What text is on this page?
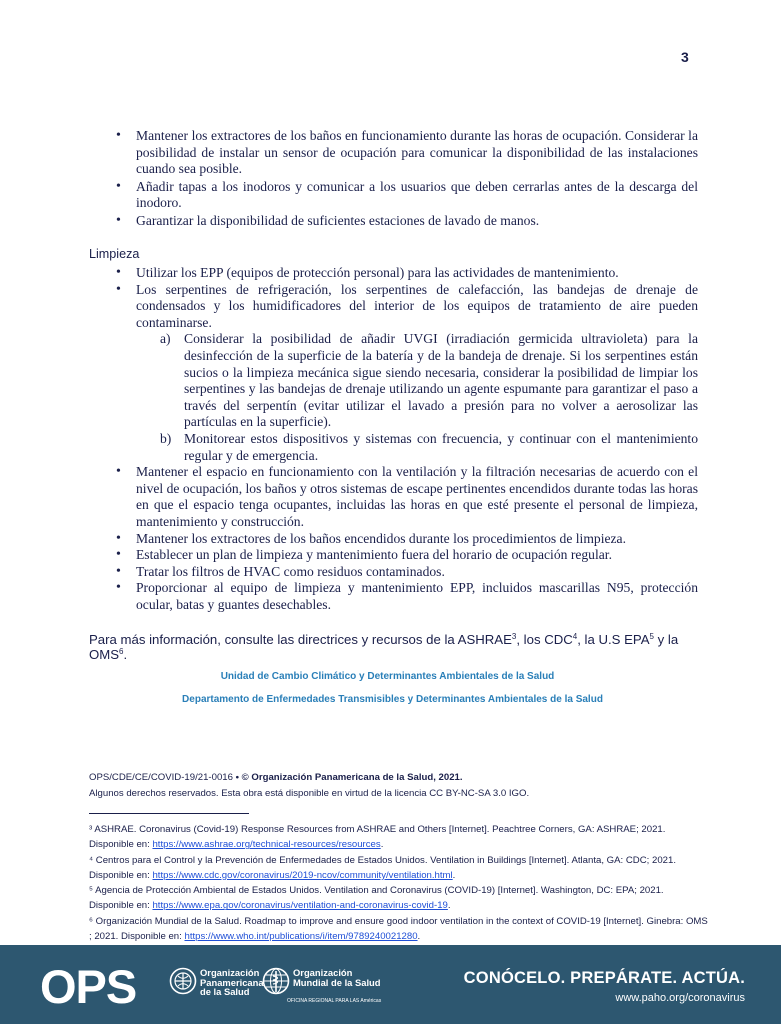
3
• Mantener los extractores de los baños en funcionamiento durante las horas de ocupación. Considerar la posibilidad de instalar un sensor de ocupación para comunicar la disponibilidad de las instalaciones cuando sea posible.
• Añadir tapas a los inodoros y comunicar a los usuarios que deben cerrarlas antes de la descarga del inodoro.
• Garantizar la disponibilidad de suficientes estaciones de lavado de manos.
Limpieza
• Utilizar los EPP (equipos de protección personal) para las actividades de mantenimiento.
• Los serpentines de refrigeración, los serpentines de calefacción, las bandejas de drenaje de condensados y los humidificadores del interior de los equipos de tratamiento de aire pueden contaminarse.
a) Considerar la posibilidad de añadir UVGI (irradiación germicida ultravioleta) para la desinfección de la superficie de la batería y de la bandeja de drenaje. Si los serpentines están sucios o la limpieza mecánica sigue siendo necesaria, considerar la posibilidad de limpiar los serpentines y las bandejas de drenaje utilizando un agente espumante para garantizar el paso a través del serpentín (evitar utilizar el lavado a presión para no volver a aerosolizar las partículas en la superficie).
b) Monitorear estos dispositivos y sistemas con frecuencia, y continuar con el mantenimiento regular y de emergencia.
• Mantener el espacio en funcionamiento con la ventilación y la filtración necesarias de acuerdo con el nivel de ocupación, los baños y otros sistemas de escape pertinentes encendidos durante todas las horas en que el espacio tenga ocupantes, incluidas las horas en que esté presente el personal de limpieza, mantenimiento y construcción.
• Mantener los extractores de los baños encendidos durante los procedimientos de limpieza.
• Establecer un plan de limpieza y mantenimiento fuera del horario de ocupación regular.
• Tratar los filtros de HVAC como residuos contaminados.
• Proporcionar al equipo de limpieza y mantenimiento EPP, incluidos mascarillas N95, protección ocular, batas y guantes desechables.
Para más información, consulte las directrices y recursos de la ASHRAE$^3$, los CDC$^4$, la U.S EPA$^5$ y la OMS$^6$.
Unidad de Cambio Climático y Determinantes Ambientales de la Salud
Departamento de Enfermedades Transmisibles y Determinantes Ambientales de la Salud
OPS/CDE/CE/COVID-19/21-0016 • © Organización Panamericana de la Salud, 2021.
Algunos derechos reservados. Esta obra está disponible en virtud de la licencia CC BY-NC-SA 3.0 IGO.
³ ASHRAE. Coronavirus (Covid-19) Response Resources from ASHRAE and Others [Internet]. Peachtree Corners, GA: ASHRAE; 2021. Disponible en: https://www.ashrae.org/technical-resources/resources.
⁴ Centros para el Control y la Prevención de Enfermedades de Estados Unidos. Ventilation in Buildings [Internet]. Atlanta, GA: CDC; 2021. Disponible en: https://www.cdc.gov/coronavirus/2019-ncov/community/ventilation.html.
⁵ Agencia de Protección Ambiental de Estados Unidos. Ventilation and Coronavirus (COVID-19) [Internet]. Washington, DC: EPA; 2021. Disponible en: https://www.epa.gov/coronavirus/ventilation-and-coronavirus-covid-19.
⁶ Organización Mundial de la Salud. Roadmap to improve and ensure good indoor ventilation in the context of COVID-19 [Internet]. Ginebra: OMS ; 2021. Disponible en: https://www.who.int/publications/i/item/9789240021280.
OPS	Organización
Panamericana
de la Salud
Organización
Mundial de la Salud
OFICINA REGIONAL PARA LAS Américas
CONÓCELO. PREPÁRATE. ACTÚA.
www.paho.org/coronavirus
